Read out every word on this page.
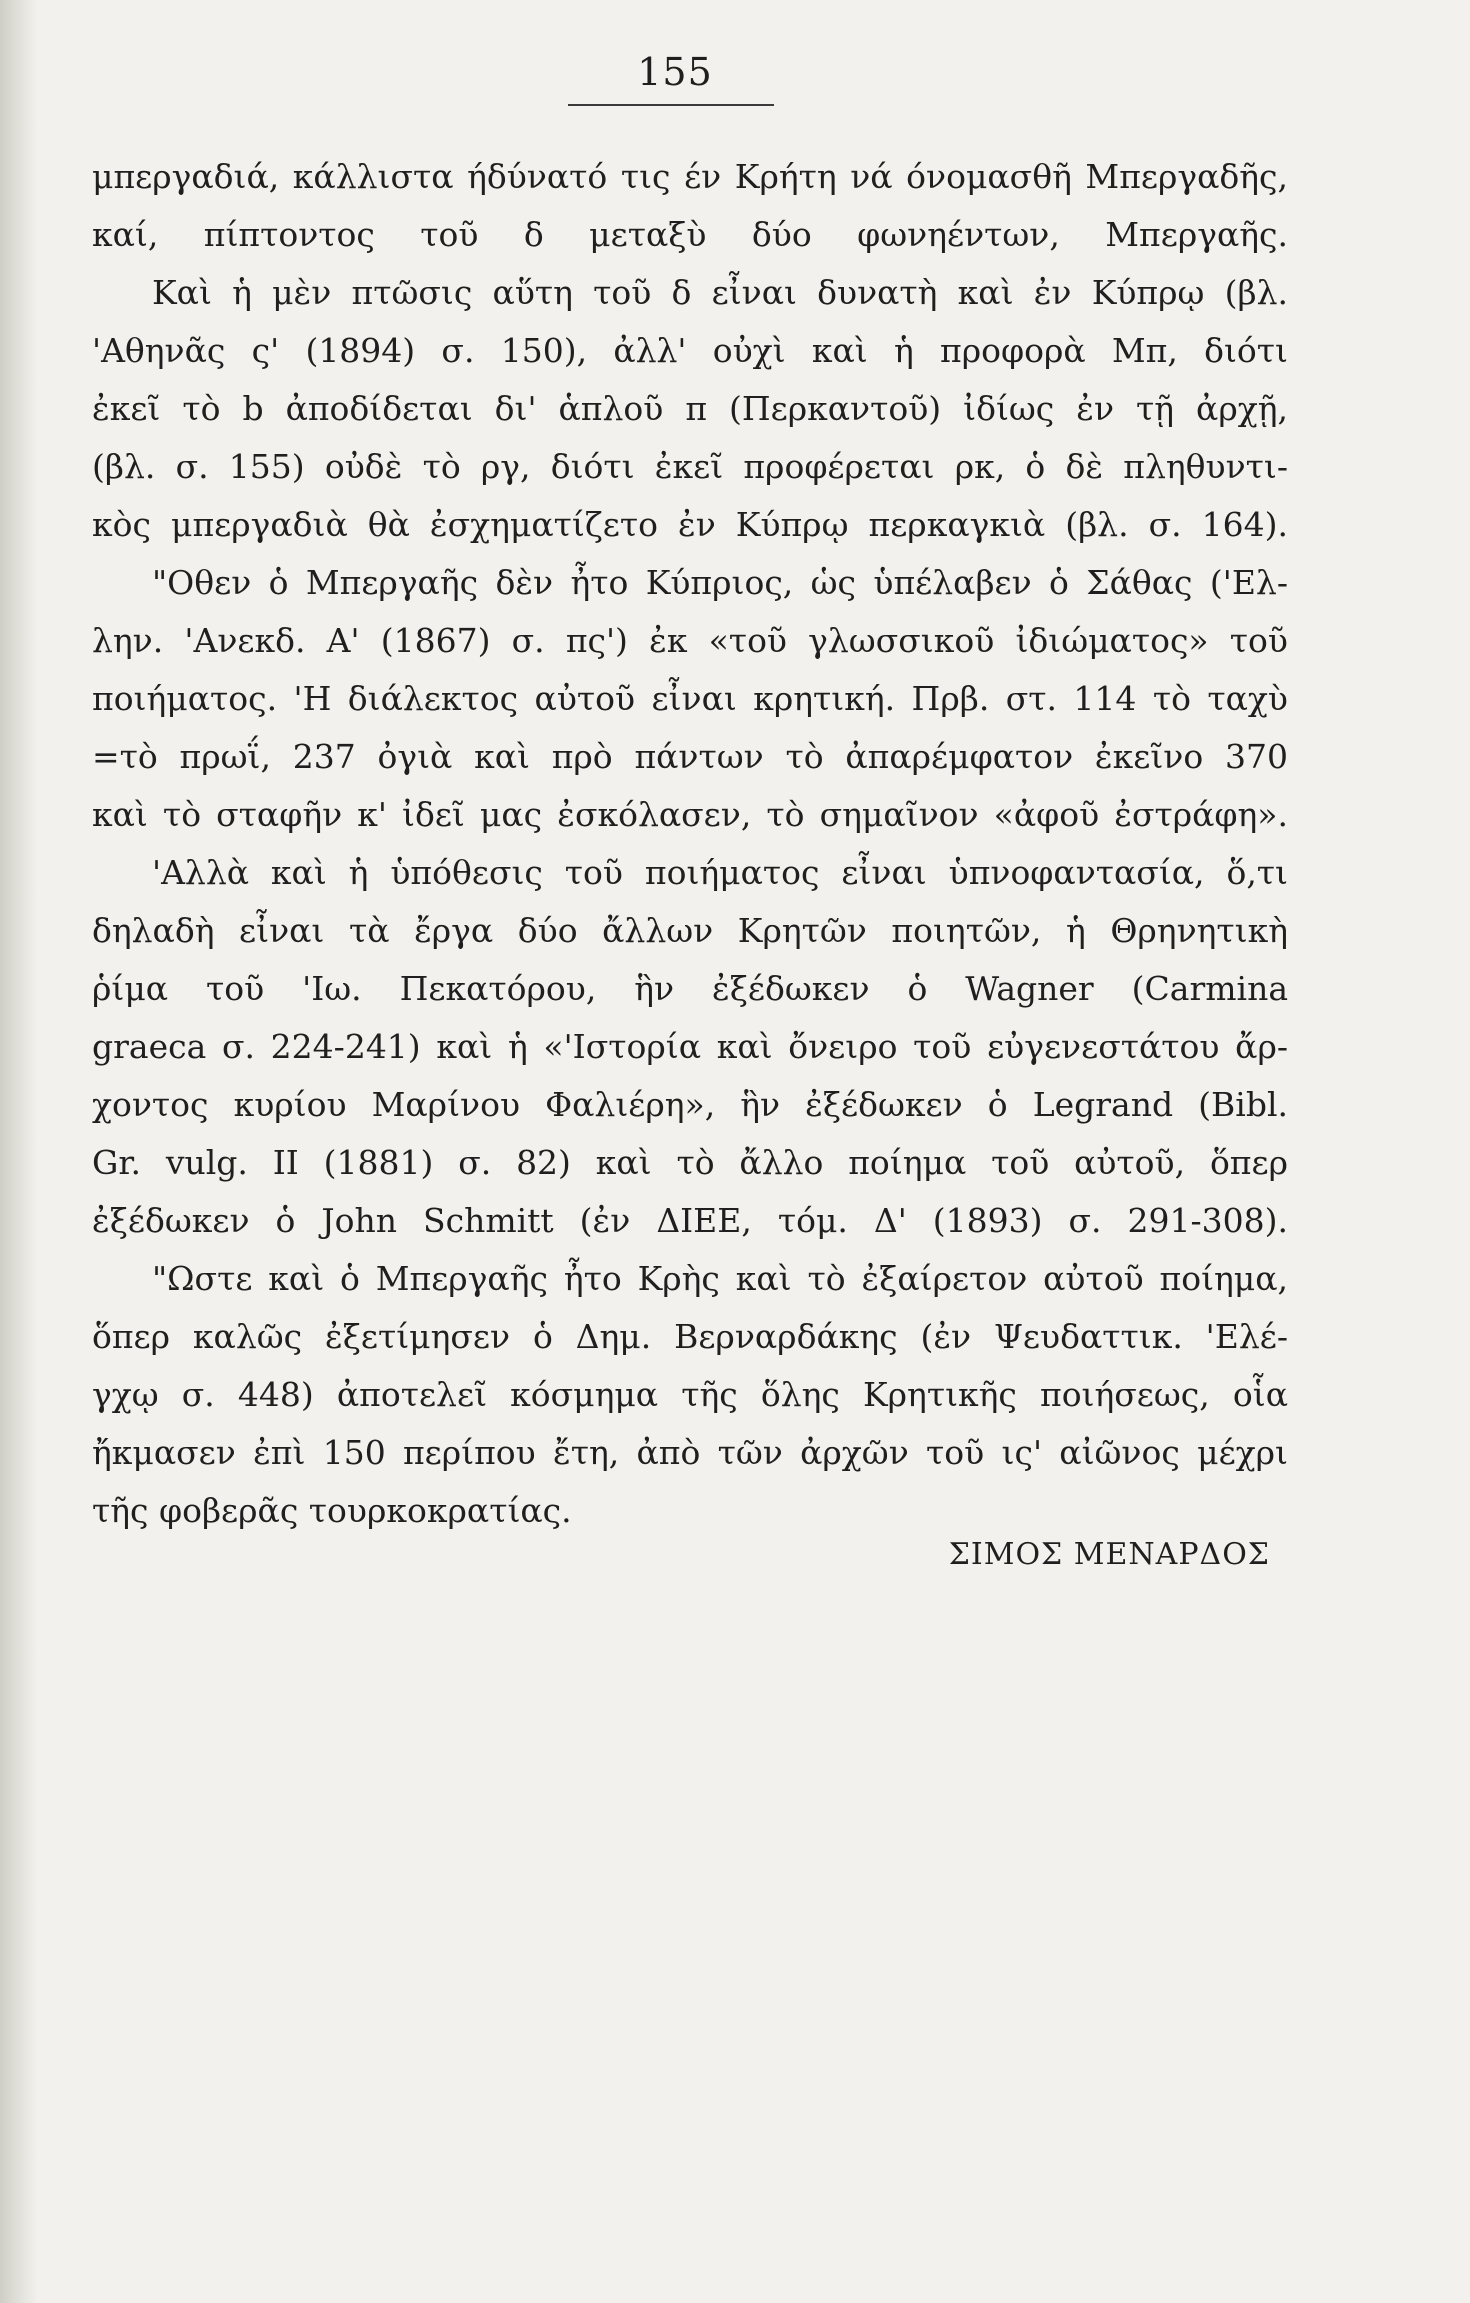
155
μπεργαδιά, κάλλιστα ήδύνατό τις έν Κρήτη νά όνομασθῆ Μπεργαδῆς,
καί, πίπτοντος τοῦ δ μεταξὺ δύο φωνηέντων, Μπεργαῆς.
Καὶ ἡ μὲν πτῶσις αὕτη τοῦ δ εἶναι δυνατὴ καὶ ἐν Κύπρῳ (βλ.
'Αθηνᾶς ς' (1894) σ. 150), ἀλλ' οὐχὶ καὶ ἡ προφορὰ Μπ, διότι
ἐκεῖ τὸ b ἀποδίδεται δι' ἁπλοῦ π (Περκαντοῦ) ἰδίως ἐν τῇ ἀρχῇ,
(βλ. σ. 155) οὐδὲ τὸ ργ, διότι ἐκεῖ προφέρεται ρκ, ὁ δὲ πληθυντι-
κὸς μπεργαδιὰ θὰ ἐσχηματίζετο ἐν Κύπρῳ περκαγκιὰ (βλ. σ. 164).
"Οθεν ὁ Μπεργαῆς δὲν ἦτο Κύπριος, ὡς ὑπέλαβεν ὁ Σάθας ('Ελ-
λην. 'Ανεκδ. Α' (1867) σ. πς') ἐκ «τοῦ γλωσσικοῦ ἰδιώματος» τοῦ
ποιήματος. 'Η διάλεκτος αὐτοῦ εἶναι κρητική. Πρβ. στ. 114 τὸ ταχὺ
=τὸ πρωΐ, 237 ὀγιὰ καὶ πρὸ πάντων τὸ ἀπαρέμφατον ἐκεῖνο 370
καὶ τὸ σταφῆν κ' ἰδεῖ μας ἐσκόλασεν, τὸ σημαῖνον «ἀφοῦ ἐστράφη».
'Αλλὰ καὶ ἡ ὑπόθεσις τοῦ ποιήματος εἶναι ὑπνοφαντασία, ὅ,τι
δηλαδὴ εἶναι τὰ ἔργα δύο ἄλλων Κρητῶν ποιητῶν, ἡ Θρηνητικὴ
ῥίμα τοῦ 'Ιω. Πεκατόρου, ἣν ἐξέδωκεν ὁ Wagner (Carmina
graeca σ. 224-241) καὶ ἡ «'Ιστορία καὶ ὄνειρο τοῦ εὐγενεστάτου ἄρ-
χοντος κυρίου Μαρίνου Φαλιέρη», ἣν ἐξέδωκεν ὁ Legrand (Bibl.
Gr. vulg. II (1881) σ. 82) καὶ τὸ ἄλλο ποίημα τοῦ αὐτοῦ, ὅπερ
ἐξέδωκεν ὁ John Schmitt (ἐν ΔΙΕΕ, τόμ. Δ' (1893) σ. 291-308).
"Ωστε καὶ ὁ Μπεργαῆς ἦτο Κρὴς καὶ τὸ ἐξαίρετον αὐτοῦ ποίημα,
ὅπερ καλῶς ἐξετίμησεν ὁ Δημ. Βερναρδάκης (ἐν Ψευδαττικ. 'Ελέ-
γχῳ σ. 448) ἀποτελεῖ κόσμημα τῆς ὅλης Κρητικῆς ποιήσεως, οἷα
ἤκμασεν ἐπὶ 150 περίπου ἔτη, ἀπὸ τῶν ἀρχῶν τοῦ ις' αἰῶνος μέχρι
τῆς φοβερᾶς τουρκοκρατίας.
ΣΙΜΟΣ ΜΕΝΑΡΔΟΣ
